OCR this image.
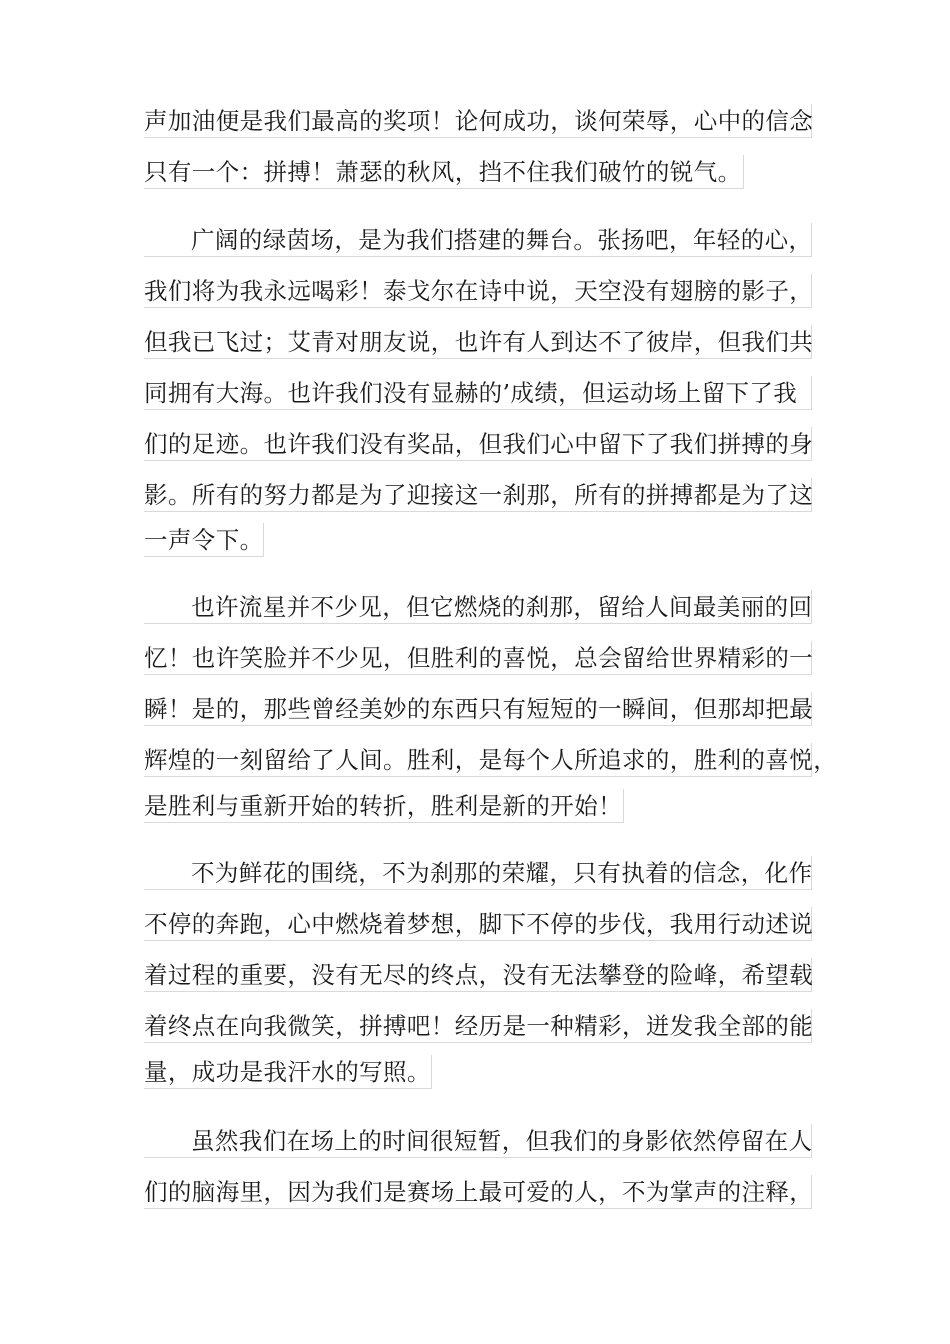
声加油便是我们最高的奖项！论何成功，谈何荣辱，心中的信念
只有一个：拼搏！萧瑟的秋风，挡不住我们破竹的锐气。
广阔的绿茵场，是为我们搭建的舞台。张扬吧，年轻的心，
我们将为我永远喝彩！泰戈尔在诗中说，天空没有翅膀的影子，
但我已飞过；艾青对朋友说，也许有人到达不了彼岸，但我们共
同拥有大海。也许我们没有显赫的’成绩，但运动场上留下了我
们的足迹。也许我们没有奖品，但我们心中留下了我们拼搏的身
影。所有的努力都是为了迎接这一刹那，所有的拼搏都是为了这
一声令下。
也许流星并不少见，但它燃烧的刹那，留给人间最美丽的回
忆！也许笑脸并不少见，但胜利的喜悦，总会留给世界精彩的一
瞬！是的，那些曾经美妙的东西只有短短的一瞬间，但那却把最
辉煌的一刻留给了人间。胜利，是每个人所追求的，胜利的喜悦，
是胜利与重新开始的转折，胜利是新的开始！
不为鲜花的围绕，不为刹那的荣耀，只有执着的信念，化作
不停的奔跑，心中燃烧着梦想，脚下不停的步伐，我用行动述说
着过程的重要，没有无尽的终点，没有无法攀登的险峰，希望载
着终点在向我微笑，拼搏吧！经历是一种精彩，迸发我全部的能
量，成功是我汗水的写照。
虽然我们在场上的时间很短暂，但我们的身影依然停留在人
们的脑海里，因为我们是赛场上最可爱的人，不为掌声的注释，
